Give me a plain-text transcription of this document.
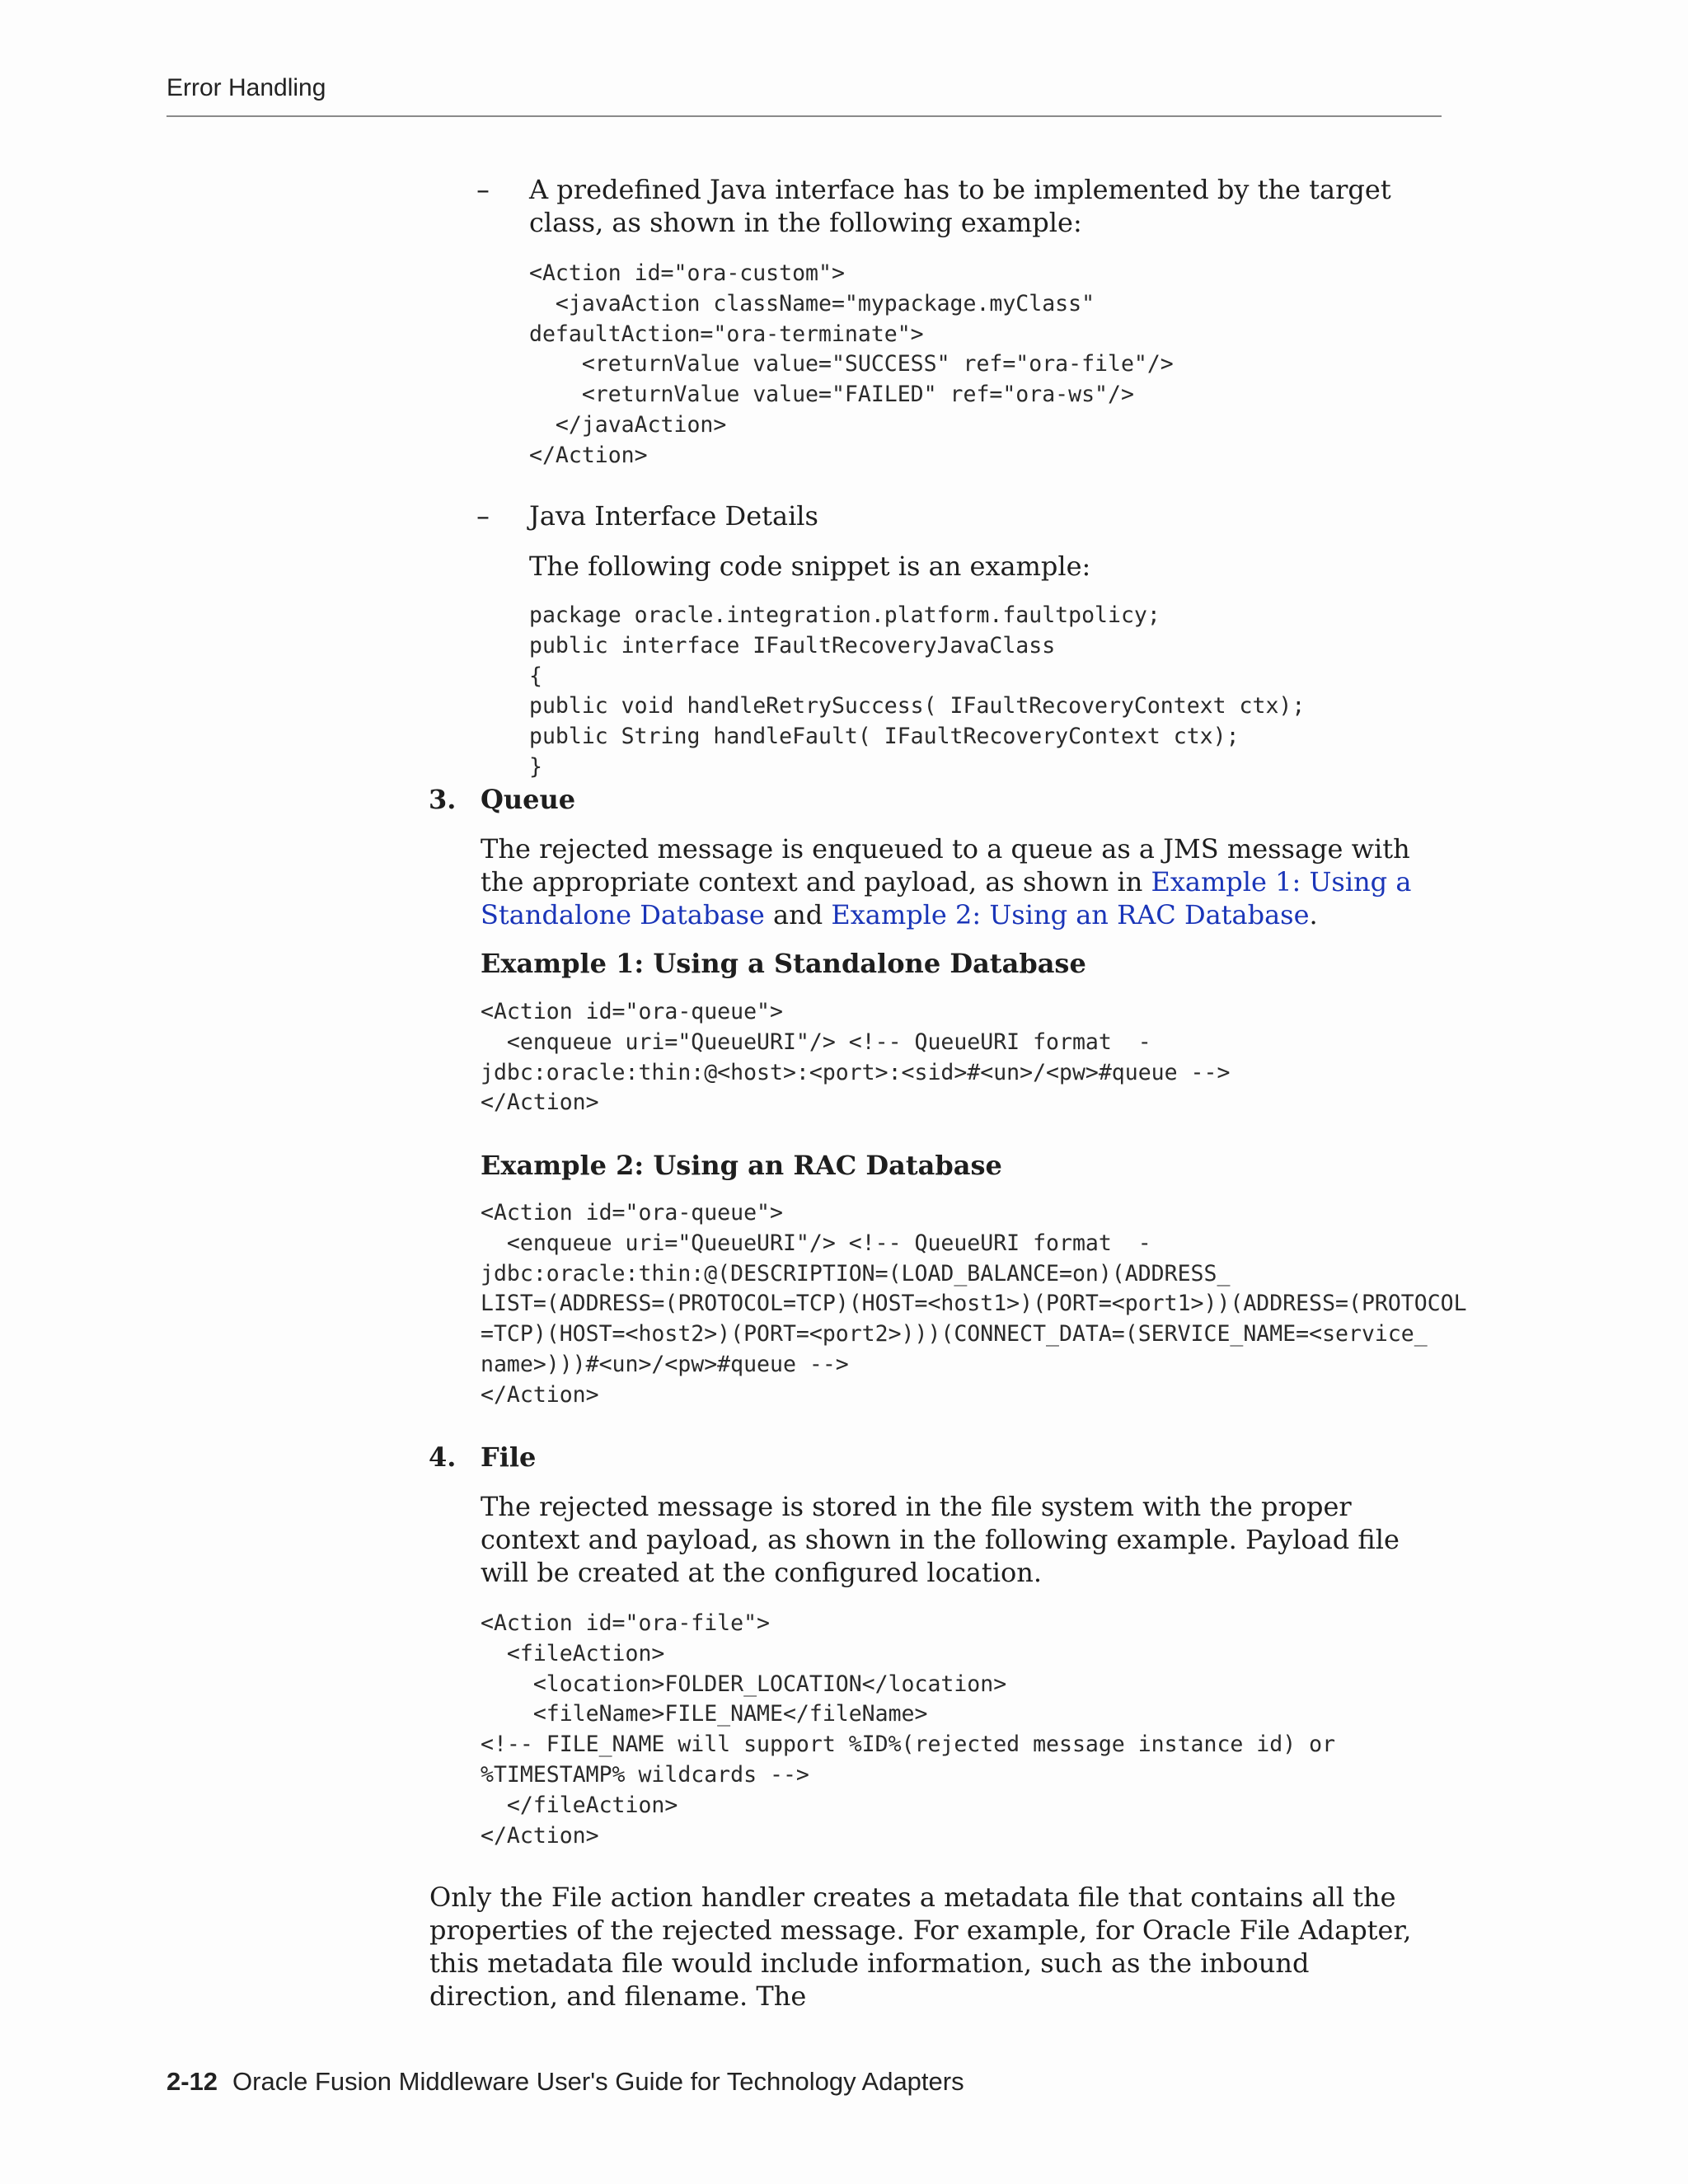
Error Handling
– A predefined Java interface has to be implemented by the target class, as shown in the following example:
<Action id="ora-custom">
<javaAction className="mypackage.myClass"
defaultAction="ora-terminate">
<returnValue value="SUCCESS" ref="ora-file"/>
<returnValue value="FAILED" ref="ora-ws"/>
</javaAction>
</Action>
– Java Interface Details
The following code snippet is an example:
package oracle.integration.platform.faultpolicy;
public interface IFaultRecoveryJavaClass
{
public void handleRetrySuccess( IFaultRecoveryContext ctx);
public String handleFault( IFaultRecoveryContext ctx);
}
3. Queue
The rejected message is enqueued to a queue as a JMS message with the appropriate context and payload, as shown in Example 1: Using a Standalone Database and Example 2: Using an RAC Database.
Example 1: Using a Standalone Database
<Action id="ora-queue">
<enqueue uri="QueueURI"/> <!-- QueueURI format  -
jdbc:oracle:thin:@<host>:<port>:<sid>#<un>/<pw>#queue -->
</Action>
Example 2: Using an RAC Database
<Action id="ora-queue">
<enqueue uri="QueueURI"/> <!-- QueueURI format  -
jdbc:oracle:thin:@(DESCRIPTION=(LOAD_BALANCE=on)(ADDRESS_
LIST=(ADDRESS=(PROTOCOL=TCP)(HOST=<host1>)(PORT=<port1>))(ADDRESS=(PROTOCOL
=TCP)(HOST=<host2>)(PORT=<port2>)))(CONNECT_DATA=(SERVICE_NAME=<service_
name>)))#<un>/<pw>#queue -->
</Action>
4. File
The rejected message is stored in the file system with the proper context and payload, as shown in the following example. Payload file will be created at the configured location.
<Action id="ora-file">
<fileAction>
<location>FOLDER_LOCATION</location>
<fileName>FILE_NAME</fileName>
<!-- FILE_NAME will support %ID%(rejected message instance id) or
%TIMESTAMP% wildcards -->
</fileAction>
</Action>
Only the File action handler creates a metadata file that contains all the properties of the rejected message. For example, for Oracle File Adapter, this metadata file would include information, such as the inbound direction, and filename. The
2-12 Oracle Fusion Middleware User's Guide for Technology Adapters
